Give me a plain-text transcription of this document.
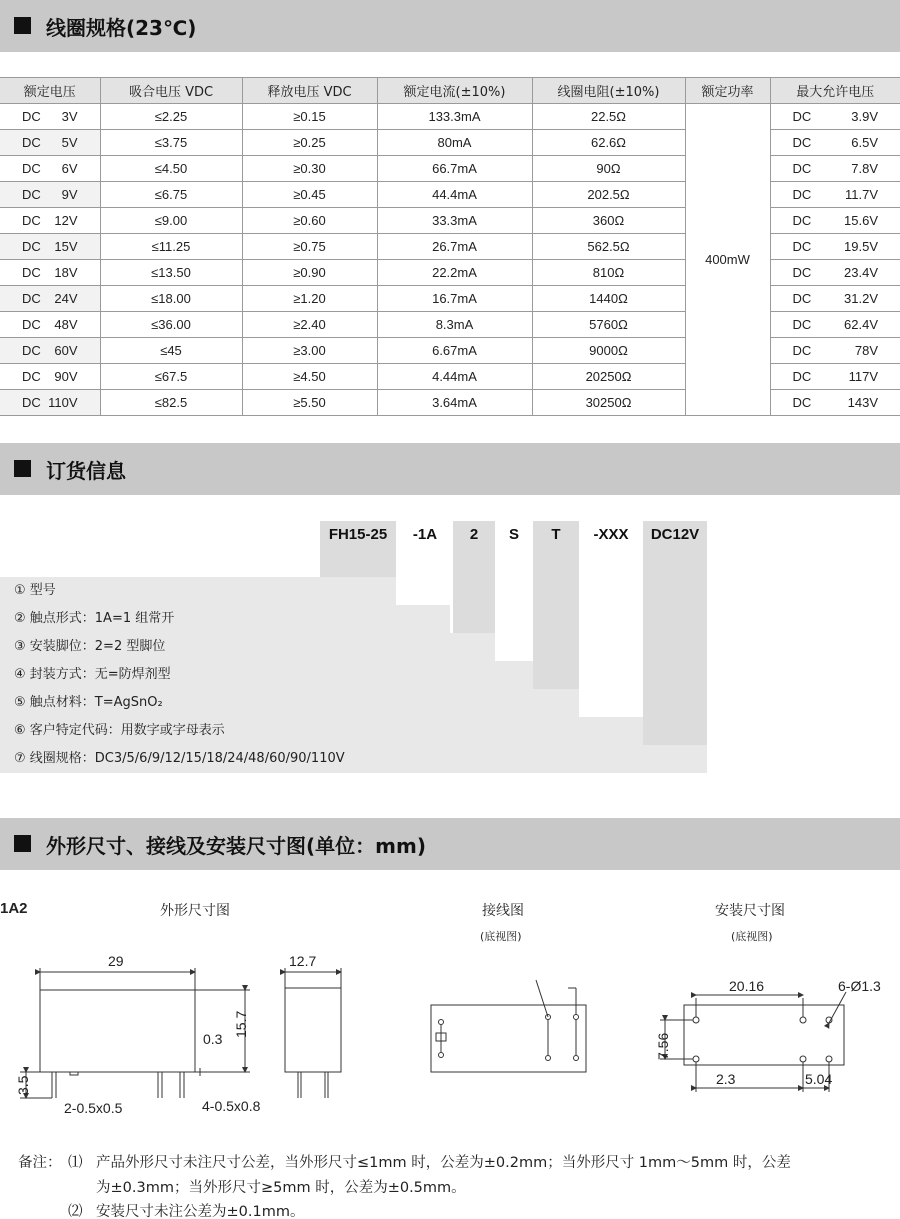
线圈规格(23℃)
额定电压	吸合电压 VDC	释放电压 VDC	额定电流(±10%)	线圈电阻(±10%)	额定功率	最大允许电压

DC 3V	≤2.25	≥0.15	133.3mA	22.5Ω	400mW	DC 3.9V

DC 5V	≤3.75	≥0.25	80mA	62.6Ω		DC 6.5V

DC 6V	≤4.50	≥0.30	66.7mA	90Ω		DC 7.8V

DC 9V	≤6.75	≥0.45	44.4mA	202.5Ω		DC 11.7V

DC 12V	≤9.00	≥0.60	33.3mA	360Ω		DC 15.6V

DC 15V	≤11.25	≥0.75	26.7mA	562.5Ω		DC 19.5V

DC 18V	≤13.50	≥0.90	22.2mA	810Ω		DC 23.4V

DC 24V	≤18.00	≥1.20	16.7mA	1440Ω		DC 31.2V

DC 48V	≤36.00	≥2.40	8.3mA	5760Ω		DC 62.4V

DC 60V	≤45	≥3.00	6.67mA	9000Ω		DC 78V

DC 90V	≤67.5	≥4.50	4.44mA	20250Ω		DC 117V

DC 110V	≤82.5	≥5.50	3.64mA	30250Ω		DC 143V
订货信息
FH15-25	-1A	2	S	T	-XXX	DC12V
① 型号
② 触点形式：1A=1 组常开
③ 安装脚位：2=2 型脚位
④ 封装方式：无=防焊剂型
⑤ 触点材料：T=AgSnO₂
⑥ 客户特定代码：用数字或字母表示
⑦ 线圈规格：DC3/5/6/9/12/15/18/24/48/60/90/110V
外形尺寸、接线及安装尺寸图(单位：mm)
1A2	外形尺寸图	接线图
(底视图)
安装尺寸图
(底视图)
29	12.7
15.7
0.3
3.5
2-0.5x0.5	4-0.5x0.8
20.16	6-Ø1.3
7.56
2.3	5.04
备注： ⑴ 产品外形尺寸未注尺寸公差，当外形尺寸≤1mm 时，公差为±0.2mm；当外形尺寸 1mm～5mm 时，公差
为±0.3mm；当外形尺寸≥5mm 时，公差为±0.5mm。
⑵ 安装尺寸未注公差为±0.1mm。
